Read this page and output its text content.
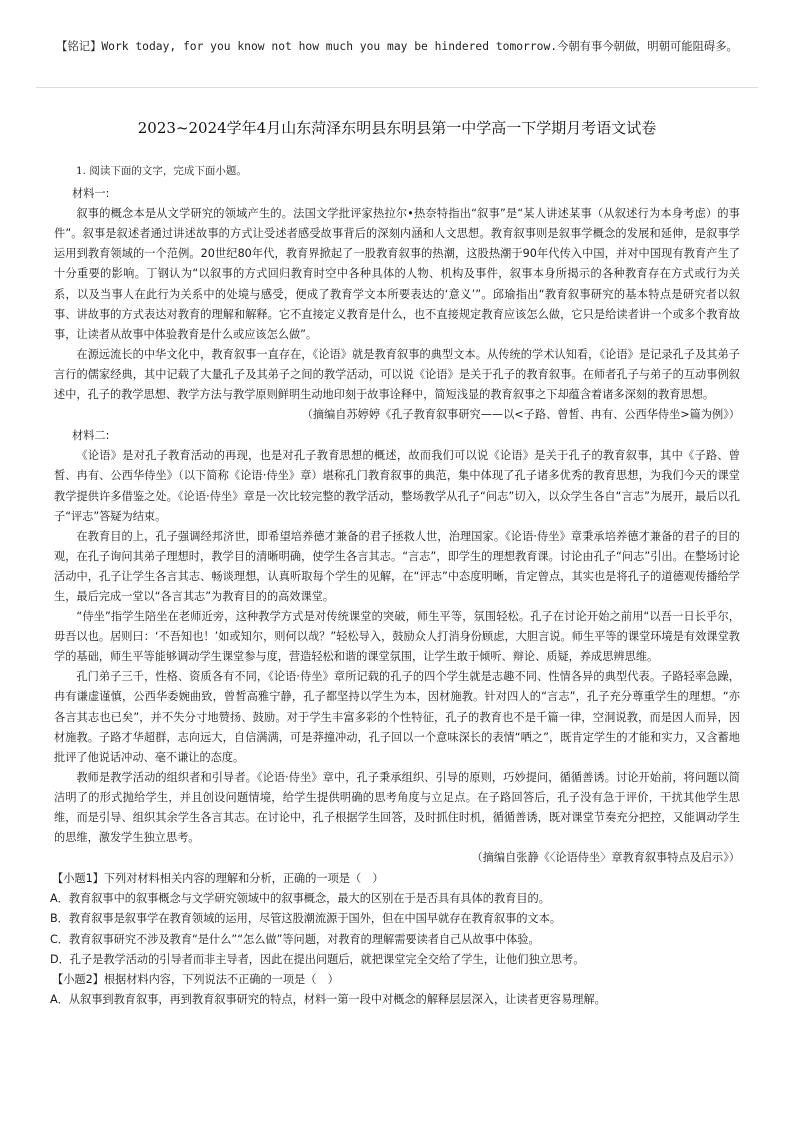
【铭记】Work today, for you know not how much you may be hindered tomorrow.今朝有事今朝做，明朝可能阻碍多。
2023~2024学年4月山东菏泽东明县东明县第一中学高一下学期月考语文试卷
1. 阅读下面的文字，完成下面小题。
材料一:

叙事的概念本是从文学研究的领域产生的。法国文学批评家热拉尔•热奈特指出“叙事”是“某人讲述某事（从叙述行为本身考虑）的事件”。叙事是叙述者通过讲述故事的方式让受述者感受故事背后的深刻内涵和人文思想。教育叙事则是叙事学概念的发展和延伸，是叙事学运用到教育领域的一个范例。20世纪80年代，教育界掀起了一股教育叙事的热潮，这股热潮于90年代传入中国，并对中国现有教育产生了十分重要的影响。丁钢认为“以叙事的方式回归教育时空中各种具体的人物、机构及事件，叙事本身所揭示的各种教育存在方式或行为关系，以及当事人在此行为关系中的处境与感受，便成了教育学文本所要表达的‘意义’”。邱瑜指出“教育叙事研究的基本特点是研究者以叙事、讲故事的方式表达对教育的理解和解释。它不直接定义教育是什么，也不直接规定教育应该怎么做，它只是给读者讲一个或多个教育故事，让读者从故事中体验教育是什么或应该怎么做”。

在源远流长的中华文化中，教育叙事一直存在，《论语》就是教育叙事的典型文本。从传统的学术认知看，《论语》是记录孔子及其弟子言行的儒家经典，其中记载了大量孔子及其弟子之间的教学活动，可以说《论语》是关于孔子的教育叙事。在师者孔子与弟子的互动事例叙述中，孔子的教学思想、教学方法与教学原则鲜明生动地印刻于故事诠释中，简短浅显的教育叙事之下却蕴含着诸多深刻的教育思想。

（摘编自苏婷婷《孔子教育叙事研究——以<子路、曾皙、冉有、公西华侍坐>篇为例》）

材料二:

《论语》是对孔子教育活动的再现，也是对孔子教育思想的概述，故而我们可以说《论语》是关于孔子的教育叙事，其中《子路、曾皙、冉有、公西华侍坐》（以下简称《论语·侍坐》章）堪称孔门教育叙事的典范，集中体现了孔子诸多优秀的教育思想，为我们今天的课堂教学提供许多借鉴之处。《论语·侍坐》章是一次比较完整的教学活动，整场教学从孔子“问志”切入，以众学生各自“言志”为展开，最后以孔子“评志”答疑为结束。

在教育目的上，孔子强调经邦济世，即希望培养德才兼备的君子拯救人世，治理国家。《论语·侍坐》章秉承培养德才兼备的君子的目的观，在孔子询问其弟子理想时，教学目的清晰明确，使学生各言其志。“言志”，即学生的理想教育课。讨论由孔子“问志”引出。在整场讨论活动中，孔子让学生各言其志、畅谈理想，认真听取每个学生的见解，在“评志”中态度明晰，肯定曾点，其实也是将孔子的道德观传播给学生，最后完成一堂以“各言其志”为教育目的的高效课堂。

“侍坐”指学生陪坐在老师近旁，这种教学方式是对传统课堂的突破，师生平等，氛围轻松。孔子在讨论开始之前用“以吾一日长乎尔，毋吾以也。居则曰：‘不吾知也！’如或知尔，则何以哉？”轻松导入，鼓励众人打消身份顾虑，大胆言说。师生平等的课堂环境是有效课堂教学的基础，师生平等能够调动学生课堂参与度，营造轻松和谐的课堂氛围，让学生敢于倾听、辩论、质疑，养成思辨思维。

孔门弟子三千，性格、资质各有不同，《论语·侍坐》章所记载的孔子的四个学生就是志趣不同、性情各异的典型代表。子路轻率急躁，冉有谦虚谨慎，公西华委婉曲致，曾皙高雅宁静，孔子都坚持以学生为本，因材施教。针对四人的“言志”，孔子充分尊重学生的理想。“亦各言其志也已矣”，并不失分寸地赞扬、鼓励。对于学生丰富多彩的个性特征，孔子的教育也不是千篇一律，空洞说教，而是因人而异，因材施教。子路才华超群，志向远大，自信满满，可是莽撞冲动，孔子回以一个意味深长的表情“哂之”，既肯定学生的才能和实力，又含蓄地批评了他说话冲动、毫不谦让的态度。

教师是教学活动的组织者和引导者。《论语·侍坐》章中，孔子秉承组织、引导的原则，巧妙提问，循循善诱。讨论开始前，将问题以简洁明了的形式抛给学生，并且创设问题情境，给学生提供明确的思考角度与立足点。在子路回答后，孔子没有急于评价，干扰其他学生思维，而是引导、组织其余学生各言其志。在讨论中，孔子根据学生回答，及时抓住时机，循循善诱，既对课堂节奏充分把控，又能调动学生的思维，激发学生独立思考。

（摘编自张静《〈论语侍坐〉章教育叙事特点及启示》）

【小题1】下列对材料相关内容的理解和分析，正确的一项是（　）
A．教育叙事中的叙事概念与文学研究领域中的叙事概念，最大的区别在于是否具有具体的教育目的。
B．教育叙事是叙事学在教育领域的运用，尽管这股潮流源于国外，但在中国早就存在教育叙事的文本。
C．教育叙事研究不涉及教育“是什么”“怎么做”等问题，对教育的理解需要读者自己从故事中体验。
D．孔子是教学活动的引导者而非主导者，因此在提出问题后，就把课堂完全交给了学生，让他们独立思考。
【小题2】根据材料内容，下列说法不正确的一项是（　）
A．从叙事到教育叙事，再到教育叙事研究的特点，材料一第一段中对概念的解释层层深入，让读者更容易理解。
